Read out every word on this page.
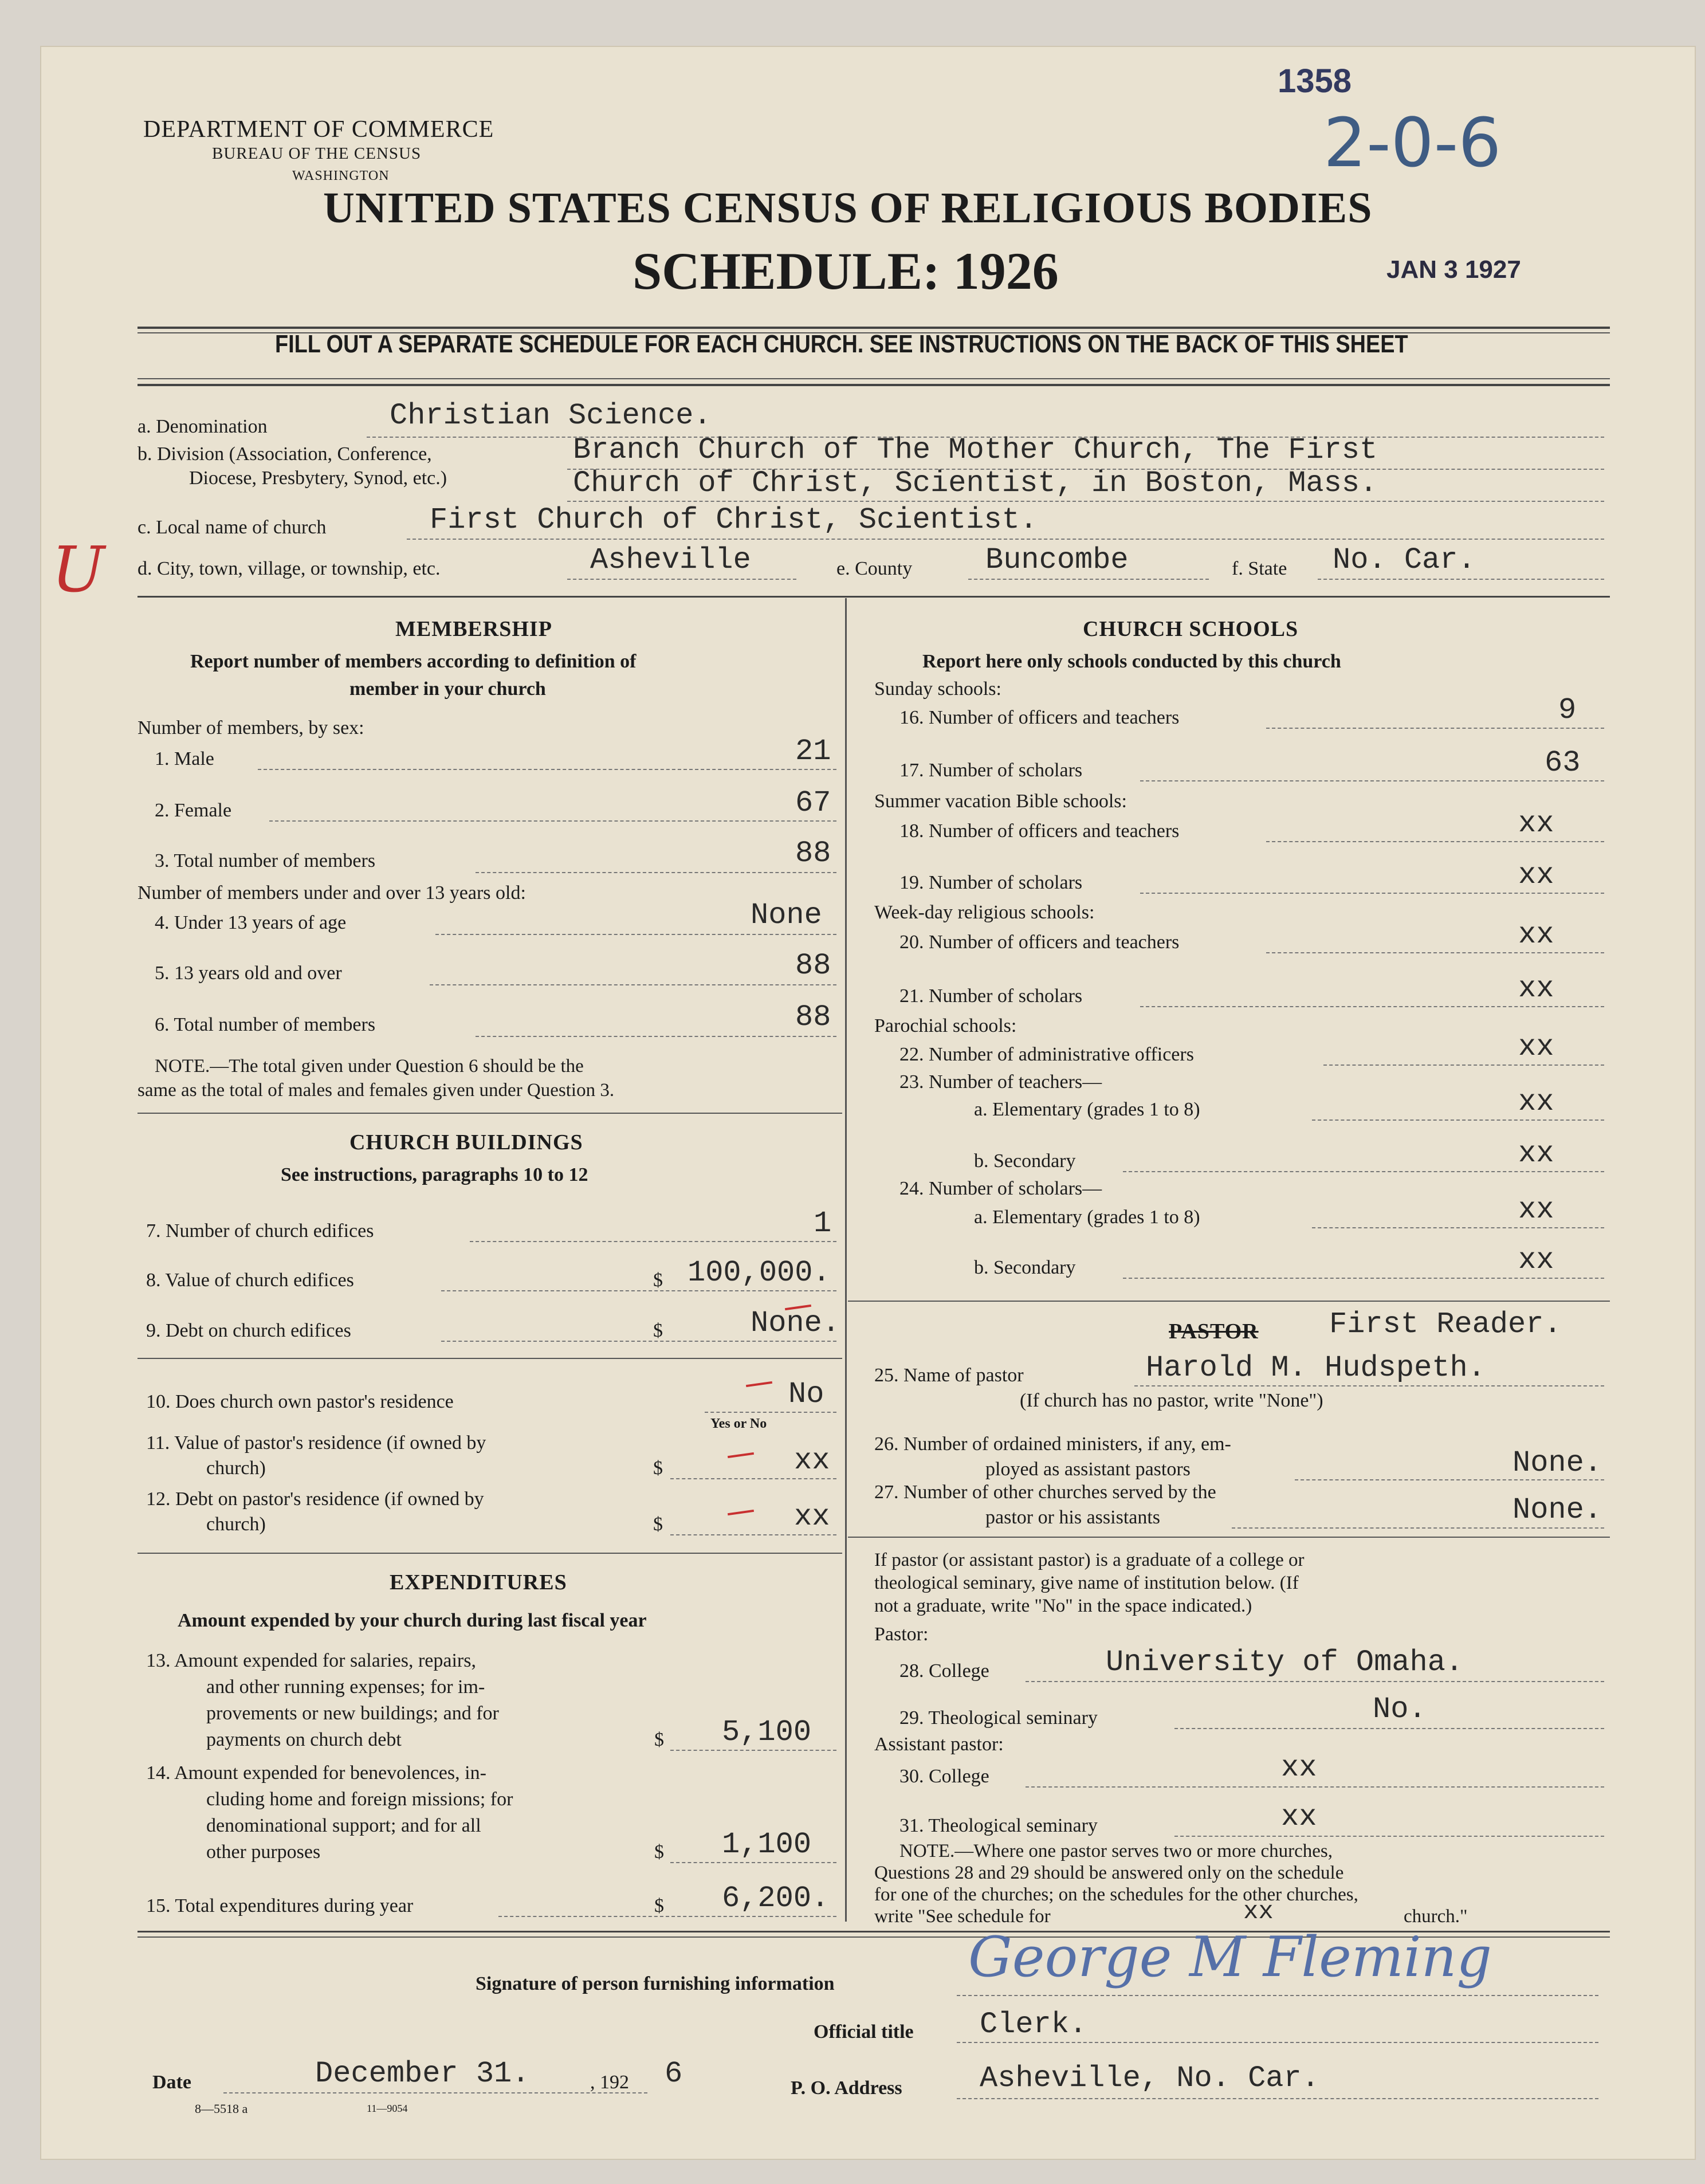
DEPARTMENT OF COMMERCE
BUREAU OF THE CENSUS
WASHINGTON
UNITED STATES CENSUS OF RELIGIOUS BODIES
SCHEDULE: 1926
1358
2-0-6
JAN 3 1927
FILL OUT A SEPARATE SCHEDULE FOR EACH CHURCH. SEE INSTRUCTIONS ON THE BACK OF THIS SHEET
a. Denomination	Christian Science.
b. Division (Association, Conference,
Diocese, Presbytery, Synod, etc.)
Branch Church of The Mother Church, The First
Church of Christ, Scientist, in Boston, Mass.
c. Local name of church	First Church of Christ, Scientist.
U d. City, town, village, or township, etc.	Asheville	e. County Buncombe	f. State No. Car.
MEMBERSHIP
Report number of members according to definition of
member in your church
Number of members, by sex:
1. Male	21
2. Female	67
3. Total number of members	88
Number of members under and over 13 years old:
4. Under 13 years of age	None
5. 13 years old and over	88
6. Total number of members	88
NOTE.—The total given under Question 6 should be the
same as the total of males and females given under Question 3.
CHURCH BUILDINGS
See instructions, paragraphs 10 to 12
7. Number of church edifices	1
8. Value of church edifices	$ 100,000.
9. Debt on church edifices	$	None.
10. Does church own pastor's residence	No
Yes or No
11. Value of pastor's residence (if owned by
church)	$	xx
12. Debt on pastor's residence (if owned by
church)	$	xx
EXPENDITURES
Amount expended by your church during last fiscal year
13. Amount expended for salaries, repairs,
and other running expenses; for im-
provements or new buildings; and for
payments on church debt	$ 5,100
14. Amount expended for benevolences, in-
cluding home and foreign missions; for
denominational support; and for all
other purposes	$ 1,100
15. Total expenditures during year	$ 6,200.
CHURCH SCHOOLS
Report here only schools conducted by this church
Sunday schools:
16. Number of officers and teachers	9
17. Number of scholars	63
Summer vacation Bible schools:
18. Number of officers and teachers	xx
19. Number of scholars	xx
Week-day religious schools:
20. Number of officers and teachers	xx
21. Number of scholars	xx
Parochial schools:
22. Number of administrative officers	xx
23. Number of teachers—
a. Elementary (grades 1 to 8)	xx
b. Secondary	xx
24. Number of scholars—
a. Elementary (grades 1 to 8)	xx
b. Secondary	xx
PASTOR First Reader.
25. Name of pastor	Harold M. Hudspeth.
(If church has no pastor, write "None")
26. Number of ordained ministers, if any, em-
ployed as assistant pastors	None.
27. Number of other churches served by the
pastor or his assistants	None.
If pastor (or assistant pastor) is a graduate of a college or
theological seminary, give name of institution below. (If
not a graduate, write "No" in the space indicated.)
Pastor:
28. College	University of Omaha.
29. Theological seminary	No.
Assistant pastor:
30. College	xx
31. Theological seminary	xx
NOTE.—Where one pastor serves two or more churches,
Questions 28 and 29 should be answered only on the schedule
for one of the churches; on the schedules for the other churches,
write "See schedule for	xx	church."
Signature of person furnishing information George M Fleming
Official title Clerk.
Date	December 31.	, 192 6
8—5518 a	11—9054
P. O. Address	Asheville, No. Car.
